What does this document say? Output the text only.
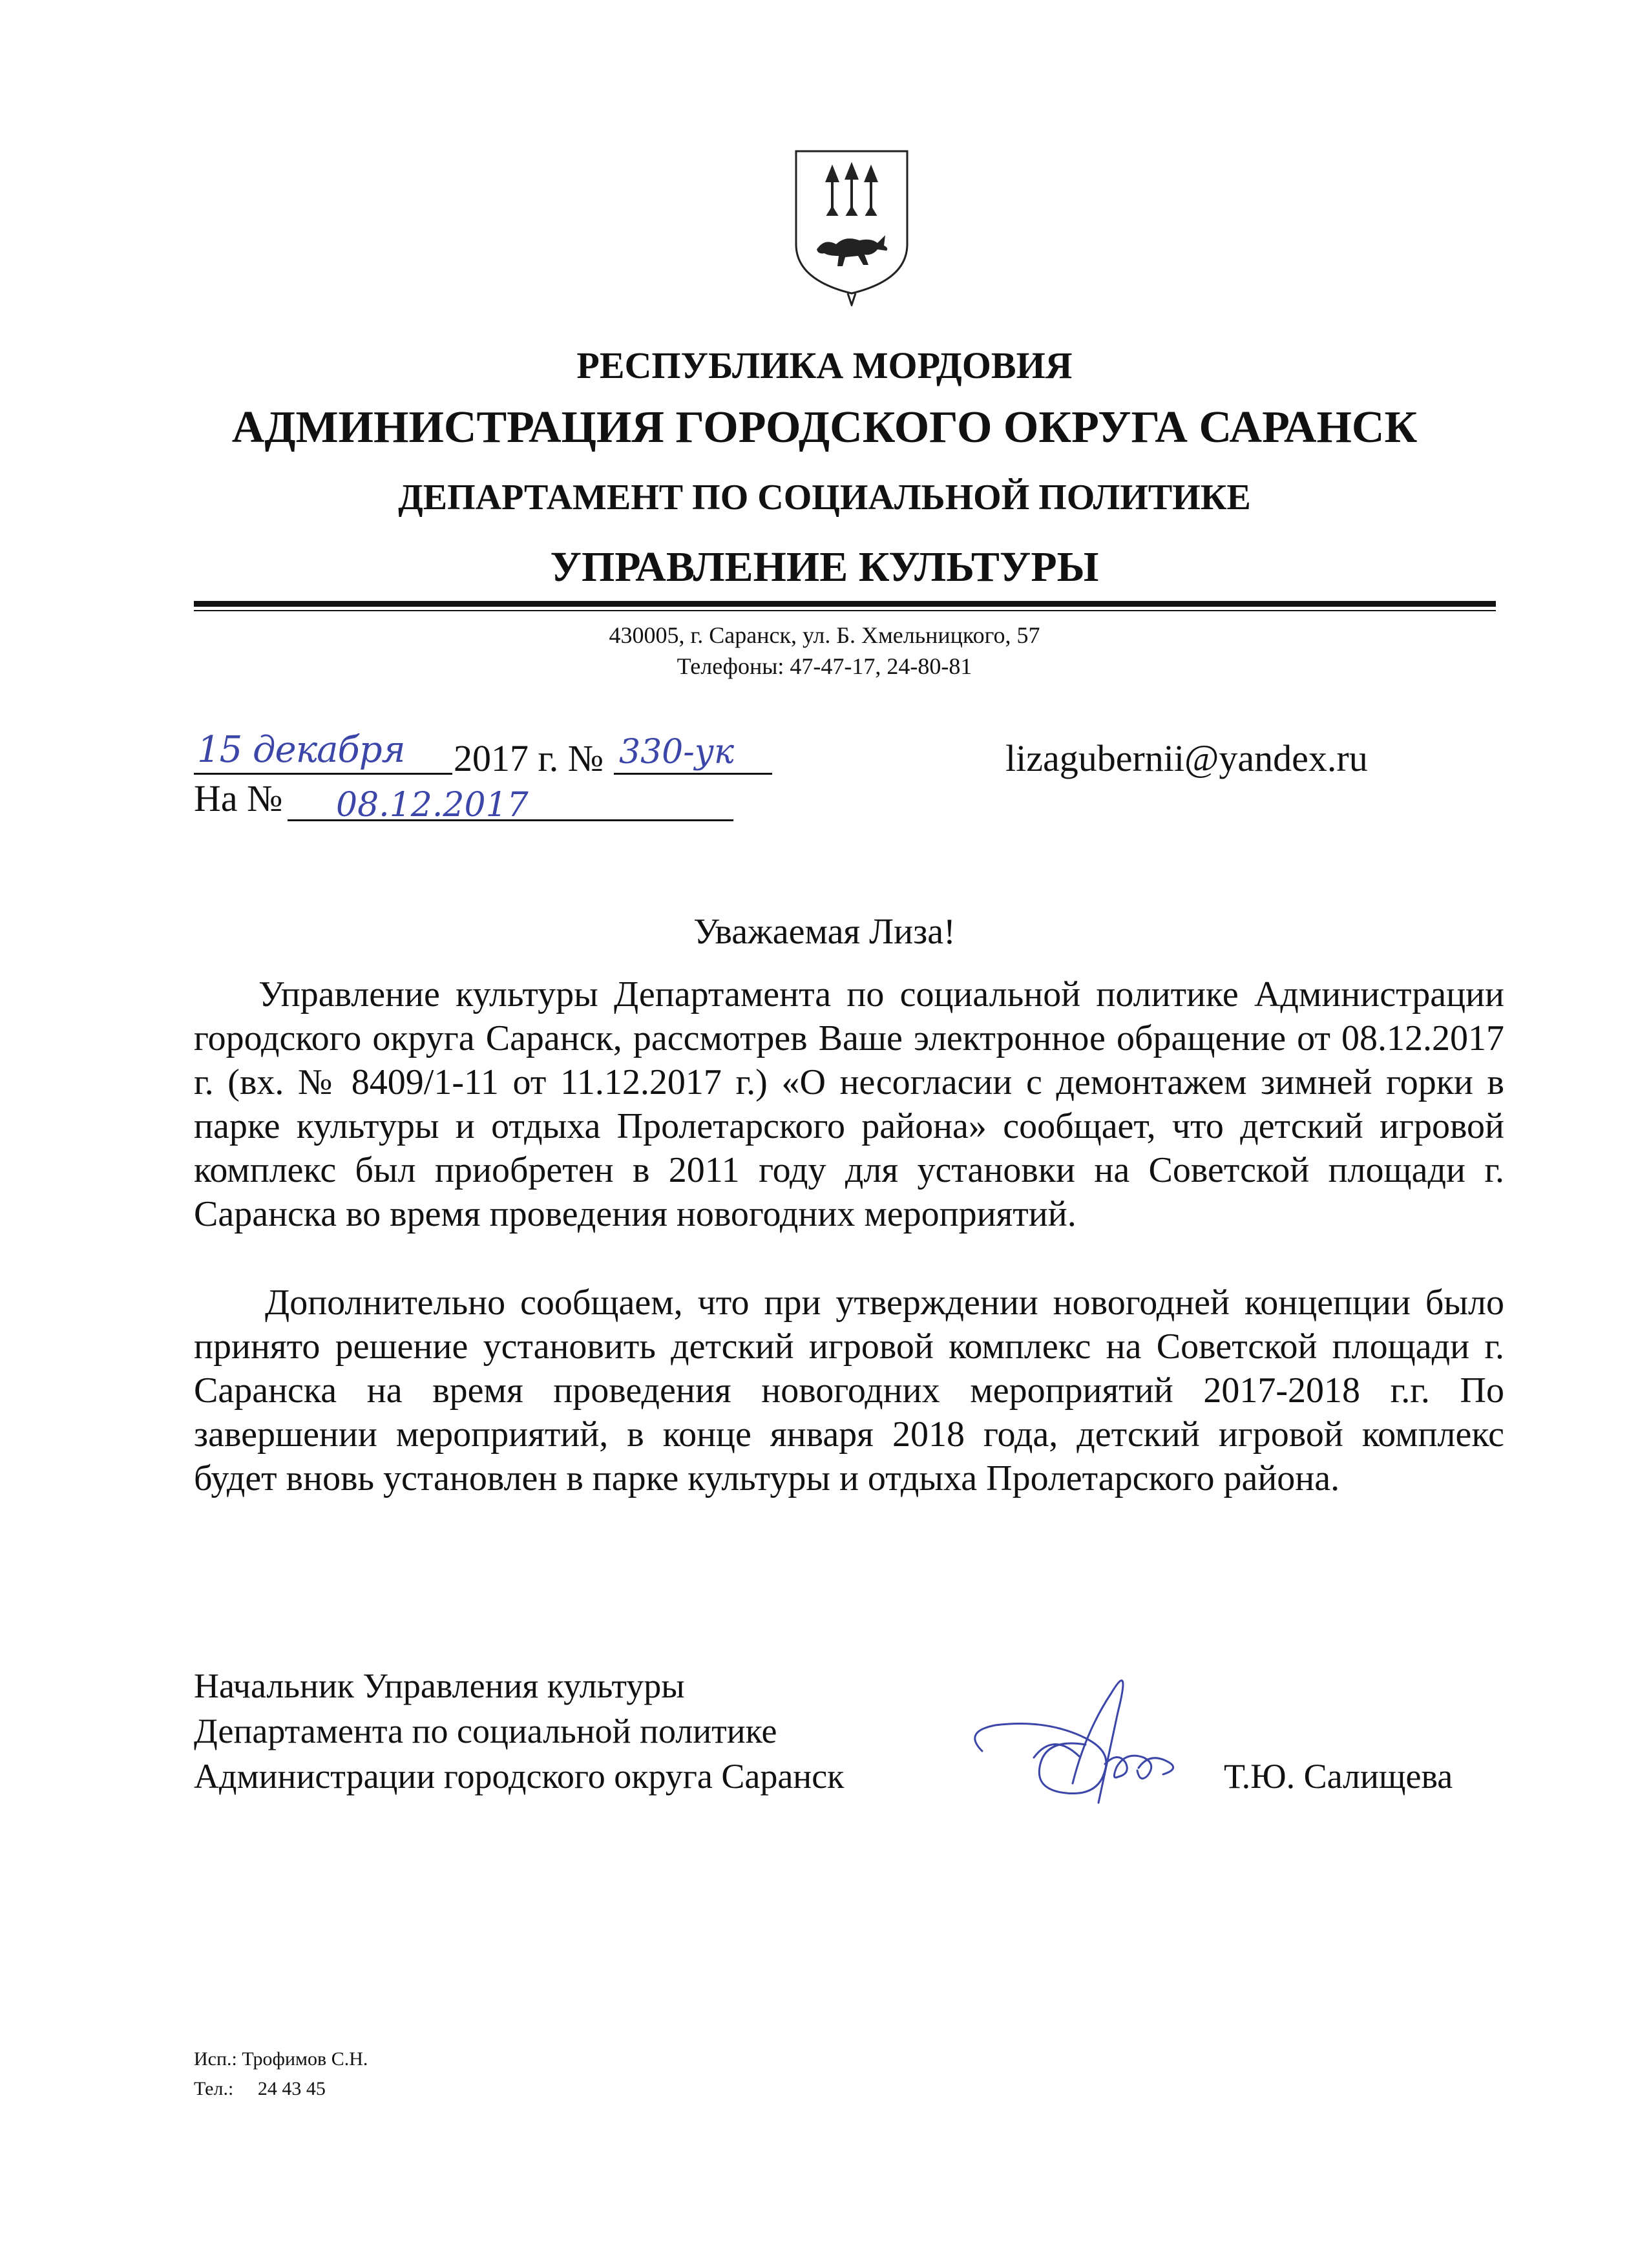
РЕСПУБЛИКА МОРДОВИЯ
АДМИНИСТРАЦИЯ ГОРОДСКОГО ОКРУГА САРАНСК
ДЕПАРТАМЕНТ ПО СОЦИАЛЬНОЙ ПОЛИТИКЕ
УПРАВЛЕНИЕ КУЛЬТУРЫ
430005, г. Саранск, ул. Б. Хмельницкого, 57
Телефоны: 47-47-17, 24-80-81
15 декабря 2017 г. № 330-ук
На № 08.12.2017
lizagubernii@yandex.ru
Уважаемая Лиза!

Управление культуры Департамента по социальной политике Администрации городского округа Саранск, рассмотрев Ваше электронное обращение от 08.12.2017 г. (вх. № 8409/1-11 от 11.12.2017 г.) «О несогласии с демонтажем зимней горки в парке культуры и отдыха Пролетарского района» сообщает, что детский игровой комплекс был приобретен в 2011 году для установки на Советской площади г. Саранска во время проведения новогодних мероприятий.

Дополнительно сообщаем, что при утверждении новогодней концепции было принято решение установить детский игровой комплекс на Советской площади г. Саранска на время проведения новогодних мероприятий 2017-2018 г.г. По завершении мероприятий, в конце января 2018 года, детский игровой комплекс будет вновь установлен в парке культуры и отдыха Пролетарского района.

Начальник Управления культуры
Департамента по социальной политике
Администрации городского округа Саранск	Т.Ю. Салищева
Исп.: Трофимов С.Н.
Тел.: 24 43 45
